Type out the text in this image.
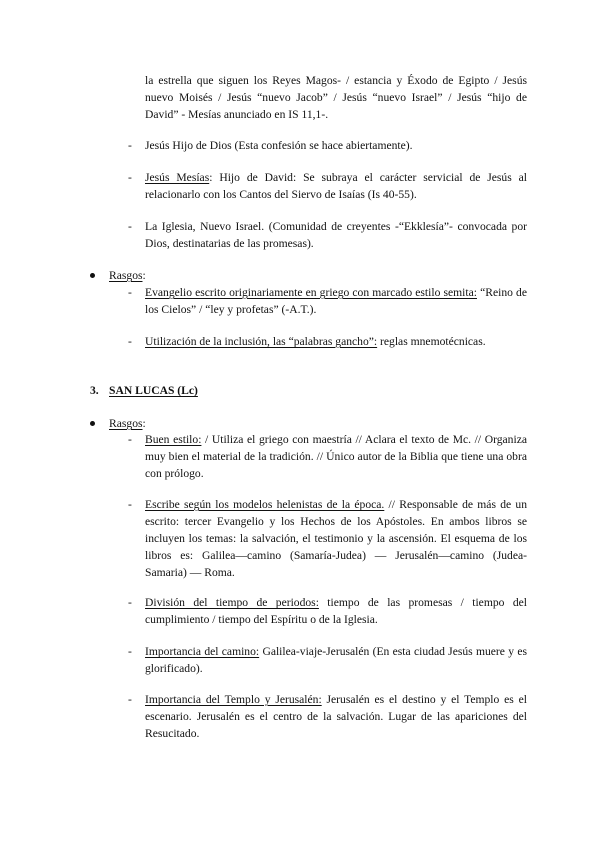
la estrella que siguen los Reyes Magos- / estancia y Éxodo de Egipto / Jesús nuevo Moisés / Jesús “nuevo Jacob” / Jesús “nuevo Israel” / Jesús “hijo de David” - Mesías anunciado en IS 11,1-.

- Jesús Hijo de Dios (Esta confesión se hace abiertamente).

- Jesús Mesías: Hijo de David: Se subraya el carácter servicial de Jesús al relacionarlo con los Cantos del Siervo de Isaías (Is 40-55).

- La Iglesia, Nuevo Israel. (Comunidad de creyentes -“Ekklesía”- convocada por Dios, destinatarias de las promesas).

Rasgos:
- Evangelio escrito originariamente en griego con marcado estilo semita: “Reino de los Cielos” / “ley y profetas” (-A.T.).

- Utilización de la inclusión, las “palabras gancho”: reglas mnemotécnicas.

3. SAN LUCAS (Lc)
Rasgos:
- Buen estilo: / Utiliza el griego con maestría // Aclara el texto de Mc. // Organiza muy bien el material de la tradición. // Único autor de la Biblia que tiene una obra con prólogo.

- Escribe según los modelos helenistas de la época. // Responsable de más de un escrito: tercer Evangelio y los Hechos de los Apóstoles. En ambos libros se incluyen los temas: la salvación, el testimonio y la ascensión. El esquema de los libros es: Galilea—camino (Samaría-Judea) — Jerusalén—camino (Judea-Samaria) — Roma.

- División del tiempo de periodos: tiempo de las promesas / tiempo del cumplimiento / tiempo del Espíritu o de la Iglesia.

- Importancia del camino: Galilea-viaje-Jerusalén (En esta ciudad Jesús muere y es glorificado).

- Importancia del Templo y Jerusalén: Jerusalén es el destino y el Templo es el escenario. Jerusalén es el centro de la salvación. Lugar de las apariciones del Resucitado.
